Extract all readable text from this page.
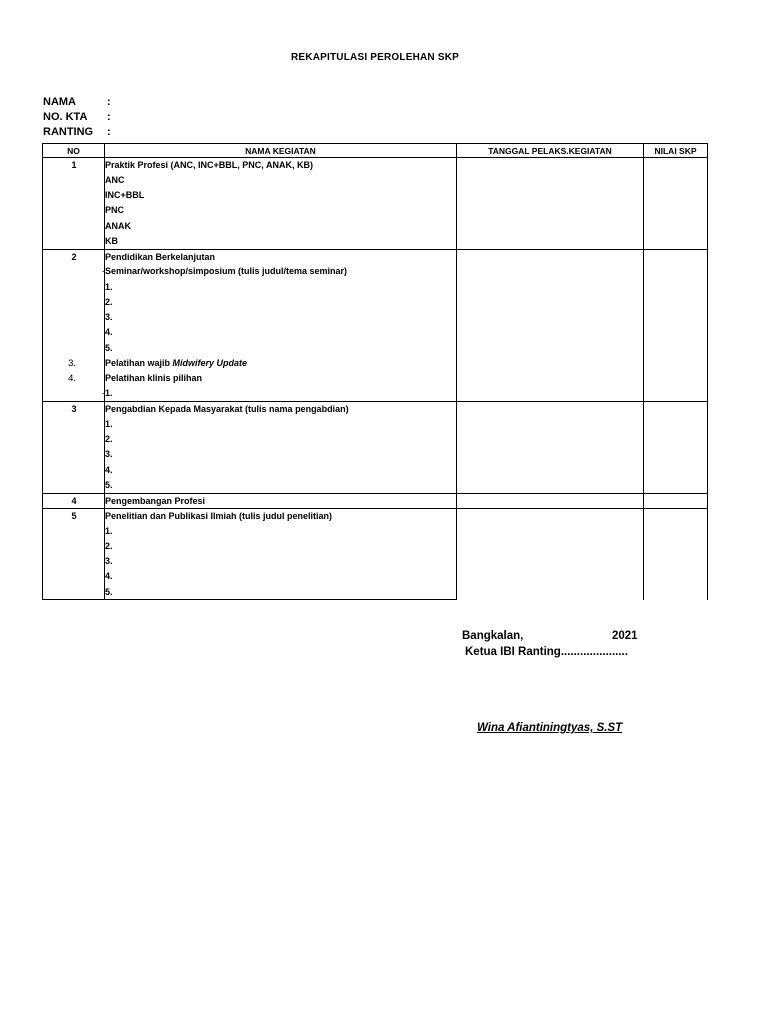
REKAPITULASI PEROLEHAN SKP
NAMA	:
NO. KTA :
RANTING :
NO	NAMA KEGIATAN	TANGGAL PELAKS.KEGIATAN	NILAI SKP

1	Praktik Profesi (ANC, INC+BBL, PNC, ANAK, KB)		
	ANC		
	INC+BBL		
	PNC		
	ANAK		
	KB		

2	Pendidikan Berkelanjutan		

-	Seminar/workshop/simposium (tulis judul/tema seminar)		
	1.		
	2.		
	3.		
	4.		
	5.		

3.	Pelatihan wajib Midwifery Update		

4.	Pelatihan klinis pilihan		

-	1.		

3	Pengabdian Kepada Masyarakat (tulis nama pengabdian)		
	1.		
	2.		
	3.		
	4.		
	5.		

4	Pengembangan Profesi		

5	Penelitian dan Publikasi Ilmiah (tulis judul penelitian)		
	1.		
	2.		
	3.		
	4.		
	5.		
Bangkalan,	2021
Ketua IBI Ranting.....................
Wina Afiantiningtyas, S.ST
